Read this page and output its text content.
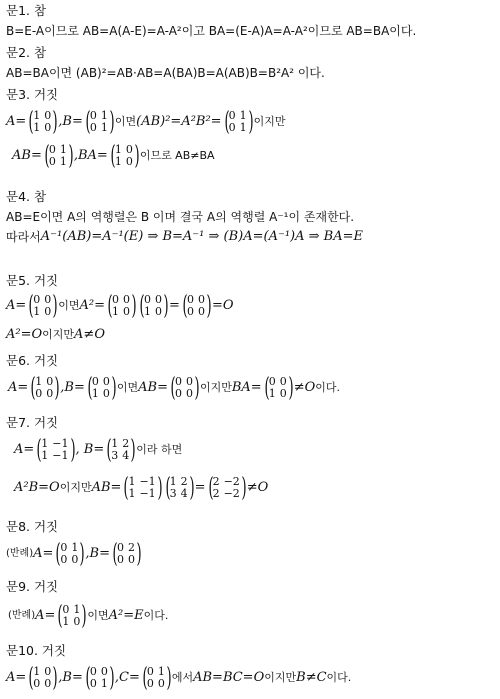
문1. 참
B=E-A이므로 AB=A(A-E)=A-A²이고 BA=(E-A)A=A-A²이므로 AB=BA이다.
문2. 참
AB=BA이면 (AB)²=AB·AB=A(BA)B=A(AB)B=B²A² 이다.
문3. 거짓
A= ( 1 0
1 0 ) ,B= ( 0 1
0 1 ) 이면 (AB)²=A²B²= ( 0 1
0 1 ) 이지만
AB= ( 0 1
0 1 ) ,BA= ( 1 0
1 0 ) 이므로 AB≠BA
문4. 참
AB=E이면 A의 역행렬은 B 이며 결국 A의 역행렬 A⁻¹이 존재한다.
따라서 A⁻¹(AB)=A⁻¹(E) ⇒ B=A⁻¹ ⇒ (B)A=(A⁻¹)A ⇒ BA=E
문5. 거짓
A= ( 0 0
1 0 ) 이면 A²= ( 0 0
1 0 ) ( 0 0
1 0 ) = ( 0 0
0 0 ) =O
A²=O 이지만 A≠O
문6. 거짓
A= ( 1 0
0 0 ) ,B= ( 0 0
1 0 ) 이면 AB= ( 0 0
0 0 ) 이지만 BA= ( 0 0
1 0 ) ≠O 이다.
문7. 거짓
A= ( 1 −1
1 −1 ) , B= ( 1 2
3 4 ) 이라 하면
A²B=O 이지만 AB= ( 1 −1
1 −1 ) ( 1 2
3 4 ) = ( 2 −2
2 −2 ) ≠O
문8. 거짓
(반례) A= ( 0 1
0 0 ) ,B= ( 0 2
0 0 )
문9. 거짓
(반례) A= ( 0 1
1 0 ) 이면 A²=E 이다.
문10. 거짓
A= ( 1 0
0 0 ) ,B= ( 0 0
0 1 ) ,C= ( 0 1
0 0 ) 에서 AB=BC=O 이지만 B≠C 이다.
